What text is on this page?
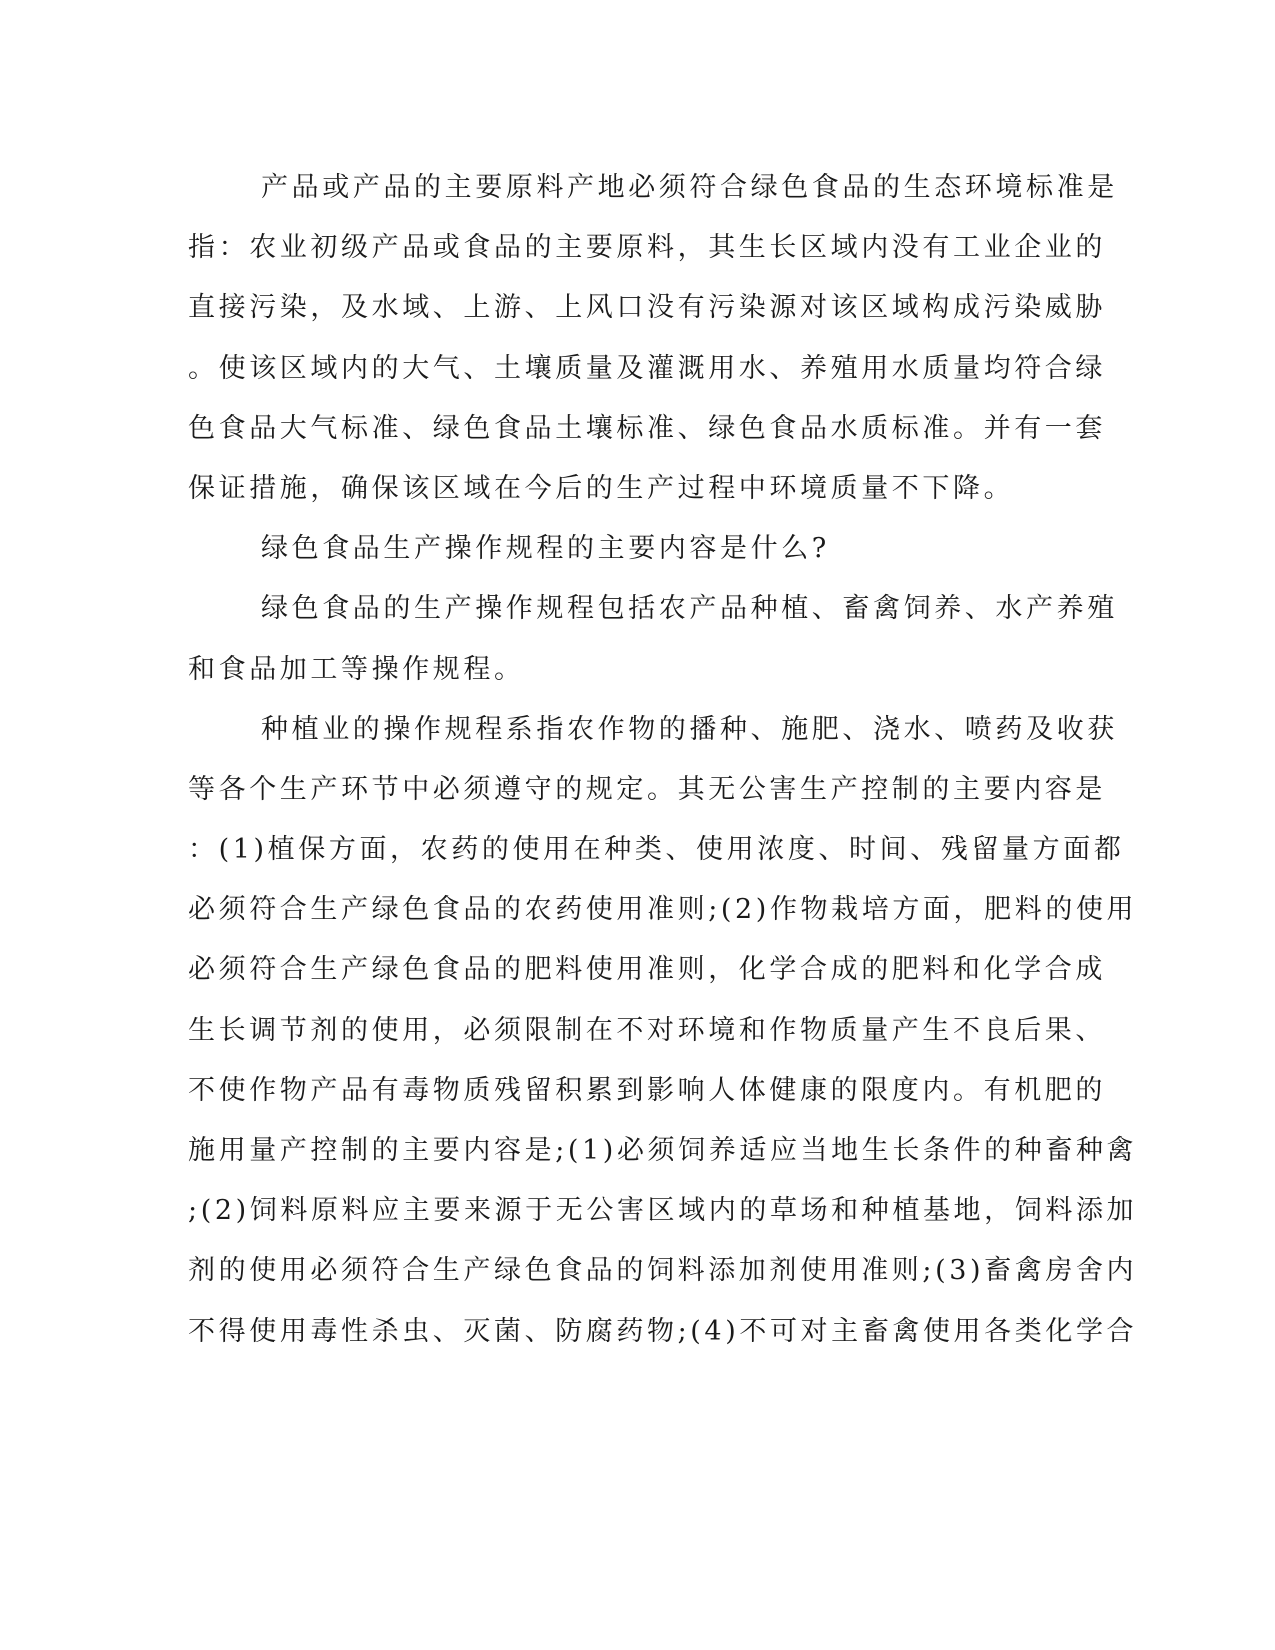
产品或产品的主要原料产地必须符合绿色食品的生态环境标准是
指：农业初级产品或食品的主要原料，其生长区域内没有工业企业的
直接污染，及水域、上游、上风口没有污染源对该区域构成污染威胁
。使该区域内的大气、土壤质量及灌溉用水、养殖用水质量均符合绿
色食品大气标准、绿色食品土壤标准、绿色食品水质标准。并有一套
保证措施，确保该区域在今后的生产过程中环境质量不下降。
绿色食品生产操作规程的主要内容是什么?
绿色食品的生产操作规程包括农产品种植、畜禽饲养、水产养殖
和食品加工等操作规程。
种植业的操作规程系指农作物的播种、施肥、浇水、喷药及收获
等各个生产环节中必须遵守的规定。其无公害生产控制的主要内容是
：(1)植保方面，农药的使用在种类、使用浓度、时间、残留量方面都
必须符合生产绿色食品的农药使用准则;(2)作物栽培方面，肥料的使用
必须符合生产绿色食品的肥料使用准则，化学合成的肥料和化学合成
生长调节剂的使用，必须限制在不对环境和作物质量产生不良后果、
不使作物产品有毒物质残留积累到影响人体健康的限度内。有机肥的
施用量产控制的主要内容是;(1)必须饲养适应当地生长条件的种畜种禽
;(2)饲料原料应主要来源于无公害区域内的草场和种植基地，饲料添加
剂的使用必须符合生产绿色食品的饲料添加剂使用准则;(3)畜禽房舍内
不得使用毒性杀虫、灭菌、防腐药物;(4)不可对主畜禽使用各类化学合
